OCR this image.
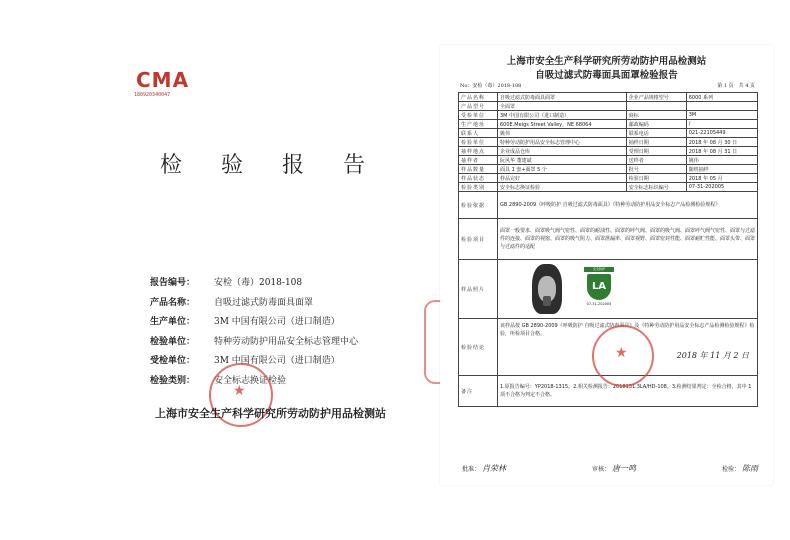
CMA
180920340047
检 验 报 告
报告编号：	安检（毒）2018-108
产品名称：	自吸过滤式防毒面具面罩
生产单位：	3M 中国有限公司（进口制造）
检验单位：	特种劳动防护用品安全标志管理中心
受检单位：	3M 中国有限公司（进口制造）
检验类别：	安全标志换证检验
★
上海市安全生产科学研究所劳动防护用品检测站
上海市安全生产科学研究所劳动防护用品检测站
自吸过滤式防毒面具面罩检验报告
No：安检（毒）2018-108	第 1 页　共 4 页
产品名称	自吸过滤式防毒面具面罩	企业产品规格型号	6000 系列
产品型号	全面罩		
受检单位	3M 中国有限公司（进口制造）	商标	3M
生产地址	600E.Meigs Street Valley，NE 68064	邮政编码	/
联系人	姚伟	联系电话	021-22105449
检验单位	特种劳动防护用品安全标志管理中心	抽样日期	2018 年 08 月 30 日
抽样地点	企业成品仓库	受理日期	2018 年 08 月 31 日
抽样者	阮风华 董建斌	送样者	姚伟
样品数量	面具 1 套+面罩 5 个	批号	随机抽样
样品状态	样品完好	检验日期	2018 年 05 月
检验类别	安全标志换证检验	安全标志标识编号	07-31-202005
检验依据	GB 2890-2009《呼吸防护 自吸过滤式防毒面具》《特种劳动防护用品安全标志产品检测检验规程》		
检验项目	面罩一般要求、面罩吸气阀气密性、面罩的耐油性、面罩的呼气阀、面罩的吸气阀、面罩呼气阀气密性、面罩与过滤件的连接、面罩的视窗、面罩的吸气阻力、面罩泄漏率、面罩视野、面罩密封性能、面罩耐贮性能、面罩头带、面罩与过滤件的适配		
样品照片	安全防护
LA
07-31-202005		

检验结论	该样品按 GB 2890-2009《呼吸防护 自吸过滤式防毒面具》及《特种劳动防护用品安全标志产品检测检验规程》检验，所检项目合格。
2018 年 11 月 2 日		

备注	1.原报告编号：YP2018-1315。2.相关检测报告：2018131.3LA/HD-108。3.检测结果判定：全检合格，其中 1 项不合格为判定不合格。		
批准： 肖荣林	审核： 唐一鸣	检验： 陈雨
★
